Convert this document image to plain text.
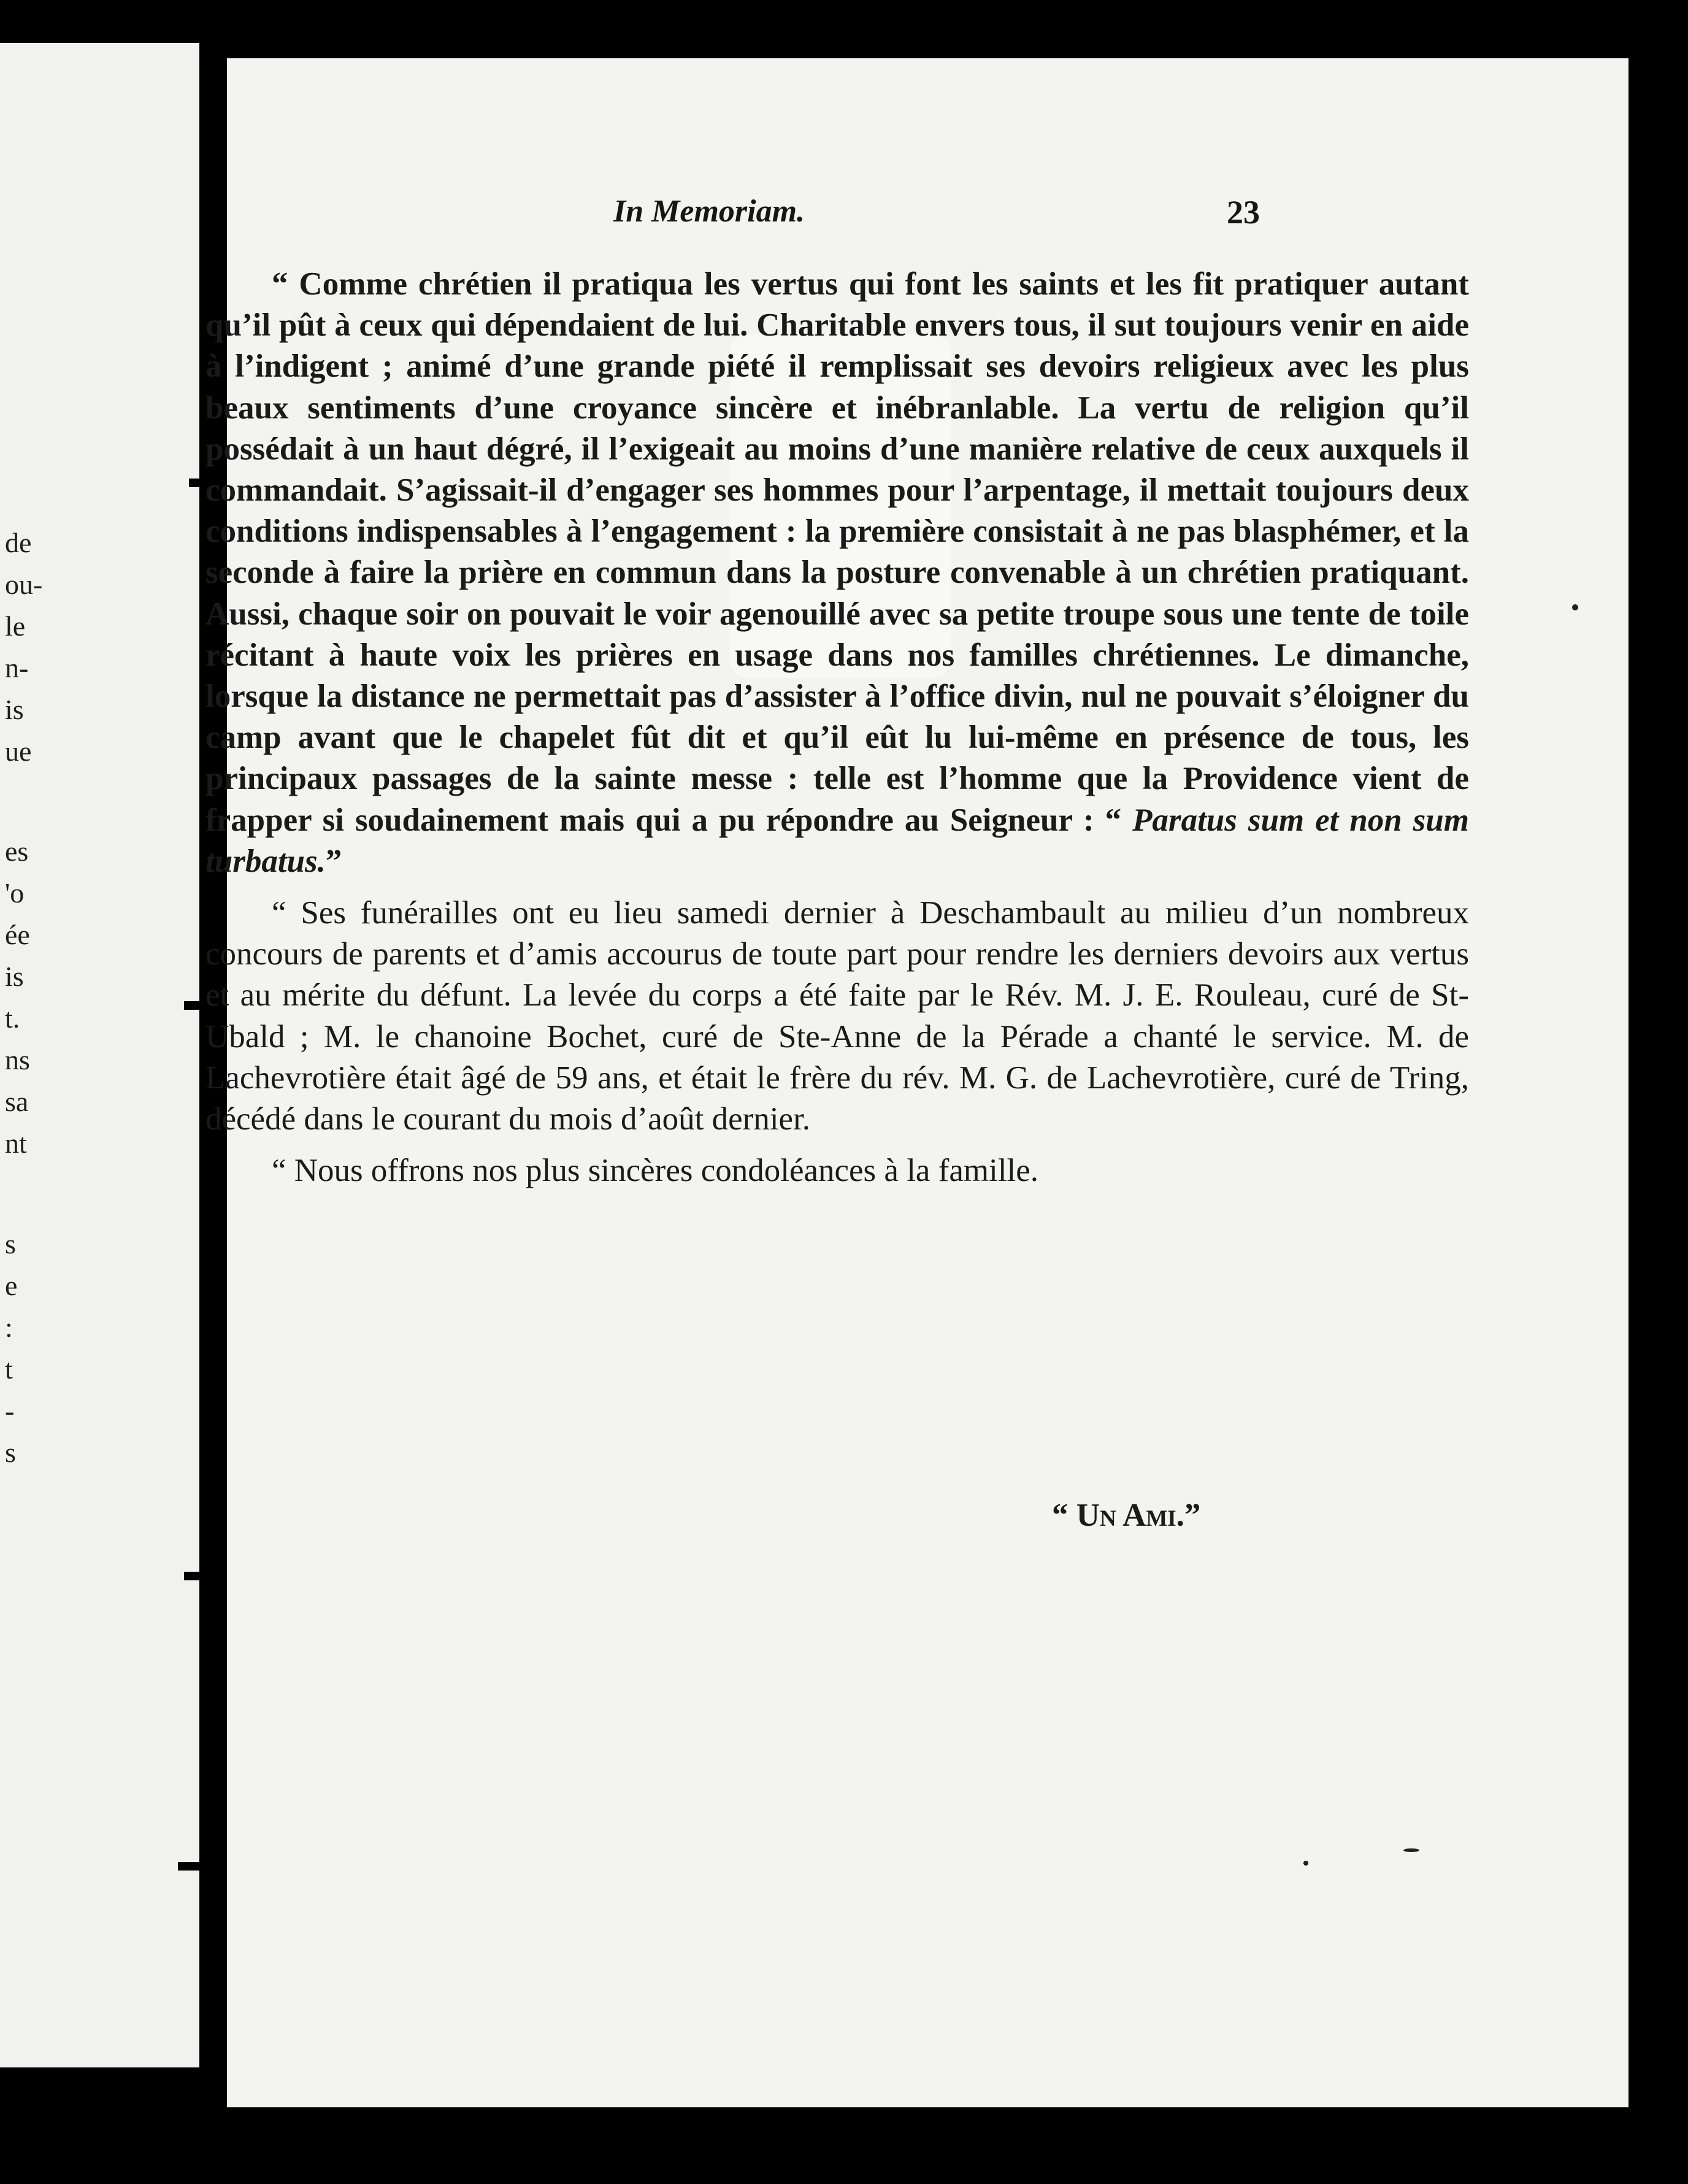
de
ou-
le
n-
is
ue
es
'o
ée
is
t.
ns
sa
nt
s
e
:
t
-
s
In Memoriam.	23

“ Comme chrétien il pratiqua les vertus qui font les saints et les fit pratiquer autant qu’il pût à ceux qui dépendaient de lui. Charitable envers tous, il sut toujours venir en aide à l’indigent ; animé d’une grande piété il remplissait ses devoirs religieux avec les plus beaux sentiments d’une croyance sincère et inébranlable. La vertu de religion qu’il possédait à un haut dégré, il l’exigeait au moins d’une manière relative de ceux auxquels il commandait. S’agissait-il d’engager ses hommes pour l’arpentage, il mettait toujours deux conditions indispensables à l’engagement : la première consistait à ne pas blasphémer, et la seconde à faire la prière en commun dans la posture convenable à un chrétien pratiquant. Aussi, chaque soir on pouvait le voir agenouillé avec sa petite troupe sous une tente de toile récitant à haute voix les prières en usage dans nos familles chrétiennes. Le dimanche, lorsque la distance ne permettait pas d’assister à l’office divin, nul ne pouvait s’éloigner du camp avant que le chapelet fût dit et qu’il eût lu lui-même en présence de tous, les principaux passages de la sainte messe : telle est l’homme que la Providence vient de frapper si soudainement mais qui a pu répondre au Seigneur : “ Paratus sum et non sum turbatus.”

“ Ses funérailles ont eu lieu samedi dernier à Deschambault au milieu d’un nombreux concours de parents et d’amis accourus de toute part pour rendre les derniers devoirs aux vertus et au mérite du défunt. La levée du corps a été faite par le Rév. M. J. E. Rouleau, curé de St-Ubald ; M. le chanoine Bochet, curé de Ste-Anne de la Pérade a chanté le service. M. de Lachevrotière était âgé de 59 ans, et était le frère du rév. M. G. de Lachevrotière, curé de Tring, décédé dans le courant du mois d’août dernier.

“ Nous offrons nos plus sincères condoléances à la famille.

“ Un Ami.”
